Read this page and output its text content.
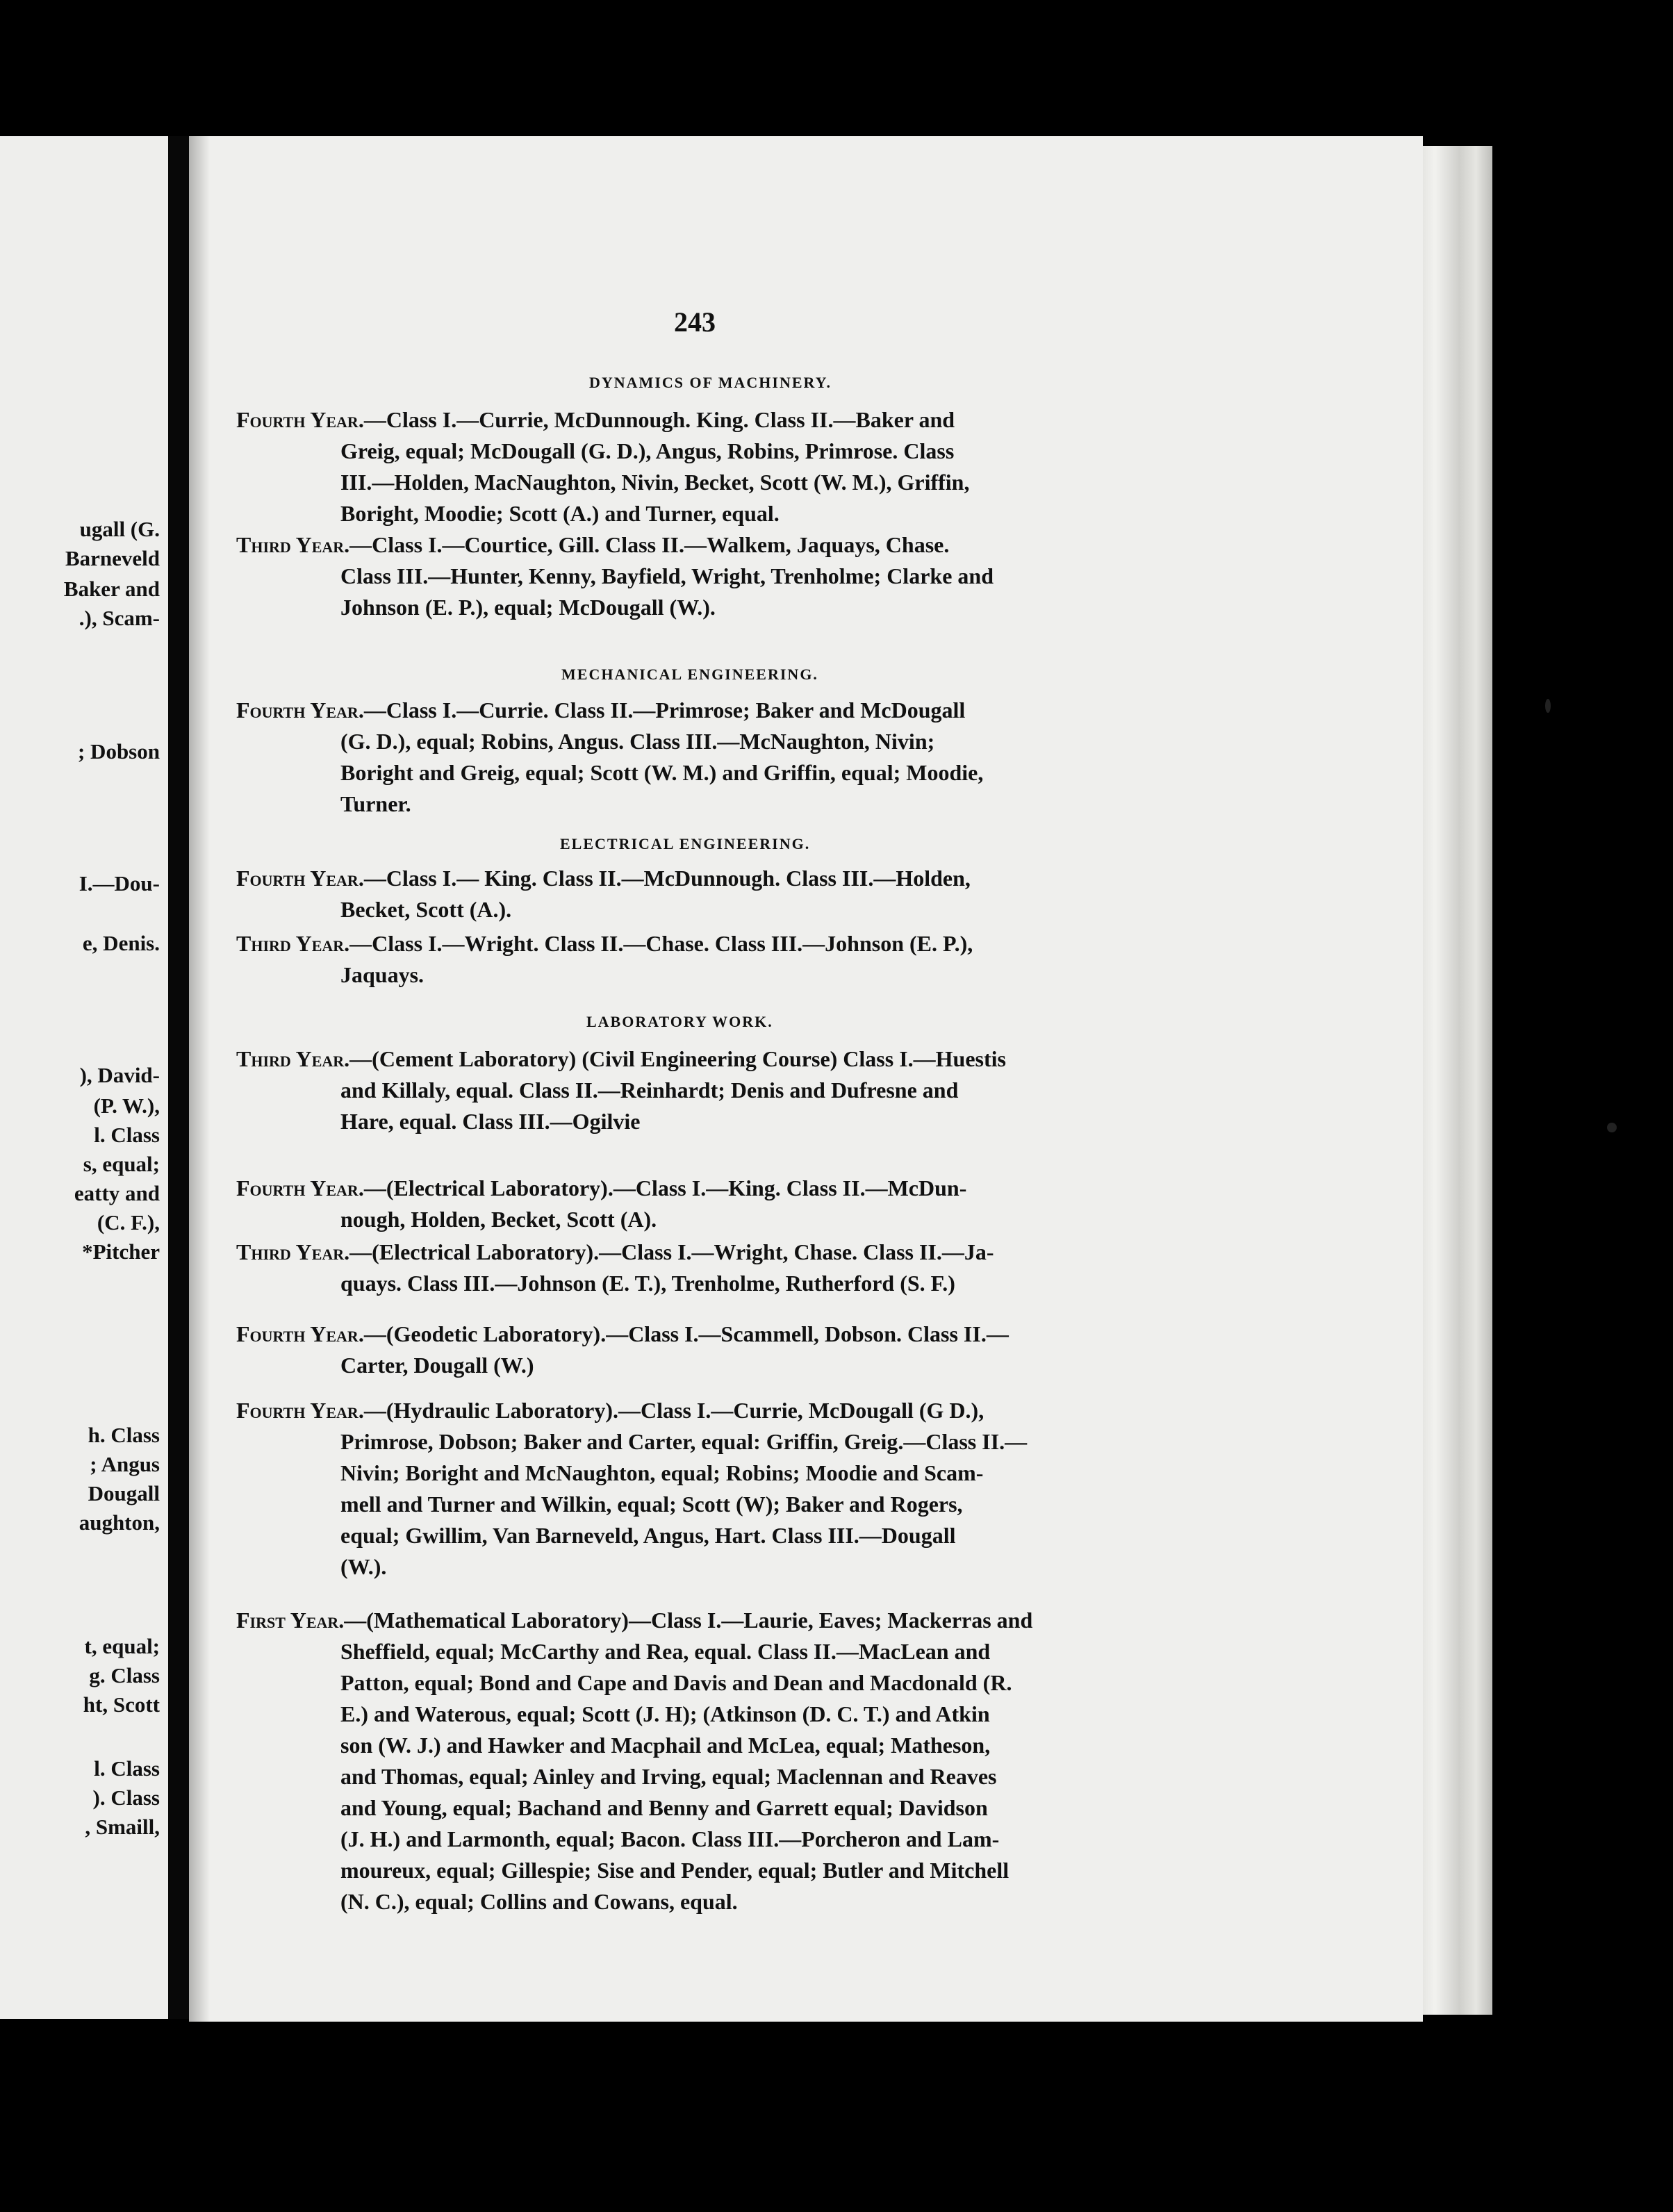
ugall (G.
Barneveld
Baker and
.), Scam-
; Dobson
I.—Dou-
e, Denis.
), David-
(P. W.),
l. Class
s, equal;
eatty and
(C. F.),
*Pitcher
h. Class
; Angus
Dougall
aughton,
t, equal;
g. Class
ht, Scott
l. Class
). Class
, Smaill,
243
DYNAMICS OF MACHINERY.

Fourth Year.—Class I.—Currie, McDunnough. King. Class II.—Baker and

Greig, equal; McDougall (G. D.), Angus, Robins, Primrose. Class

III.—Holden, MacNaughton, Nivin, Becket, Scott (W. M.), Griffin,

Boright, Moodie; Scott (A.) and Turner, equal.

Third Year.—Class I.—Courtice, Gill. Class II.—Walkem, Jaquays, Chase.

Class III.—Hunter, Kenny, Bayfield, Wright, Trenholme; Clarke and

Johnson (E. P.), equal; McDougall (W.).

MECHANICAL ENGINEERING.

Fourth Year.—Class I.—Currie. Class II.—Primrose; Baker and McDougall

(G. D.), equal; Robins, Angus. Class III.—McNaughton, Nivin;

Boright and Greig, equal; Scott (W. M.) and Griffin, equal; Moodie,

Turner.

ELECTRICAL ENGINEERING.

Fourth Year.—Class I.— King. Class II.—McDunnough. Class III.—Holden,

Becket, Scott (A.).

Third Year.—Class I.—Wright. Class II.—Chase. Class III.—Johnson (E. P.),

Jaquays.

LABORATORY WORK.

Third Year.—(Cement Laboratory) (Civil Engineering Course) Class I.—Huestis

and Killaly, equal. Class II.—Reinhardt; Denis and Dufresne and

Hare, equal. Class III.—Ogilvie

Fourth Year.—(Electrical Laboratory).—Class I.—King. Class II.—McDun-

nough, Holden, Becket, Scott (A).

Third Year.—(Electrical Laboratory).—Class I.—Wright, Chase. Class II.—Ja-

quays. Class III.—Johnson (E. T.), Trenholme, Rutherford (S. F.)

Fourth Year.—(Geodetic Laboratory).—Class I.—Scammell, Dobson. Class II.—

Carter, Dougall (W.)

Fourth Year.—(Hydraulic Laboratory).—Class I.—Currie, McDougall (G D.),

Primrose, Dobson; Baker and Carter, equal: Griffin, Greig.—Class II.—

Nivin; Boright and McNaughton, equal; Robins; Moodie and Scam-

mell and Turner and Wilkin, equal; Scott (W); Baker and Rogers,

equal; Gwillim, Van Barneveld, Angus, Hart. Class III.—Dougall

(W.).

First Year.—(Mathematical Laboratory)—Class I.—Laurie, Eaves; Mackerras and

Sheffield, equal; McCarthy and Rea, equal. Class II.—MacLean and

Patton, equal; Bond and Cape and Davis and Dean and Macdonald (R.

E.) and Waterous, equal; Scott (J. H); (Atkinson (D. C. T.) and Atkin

son (W. J.) and Hawker and Macphail and McLea, equal; Matheson,

and Thomas, equal; Ainley and Irving, equal; Maclennan and Reaves

and Young, equal; Bachand and Benny and Garrett equal; Davidson

(J. H.) and Larmonth, equal; Bacon. Class III.—Porcheron and Lam-

moureux, equal; Gillespie; Sise and Pender, equal; Butler and Mitchell

(N. C.), equal; Collins and Cowans, equal.
